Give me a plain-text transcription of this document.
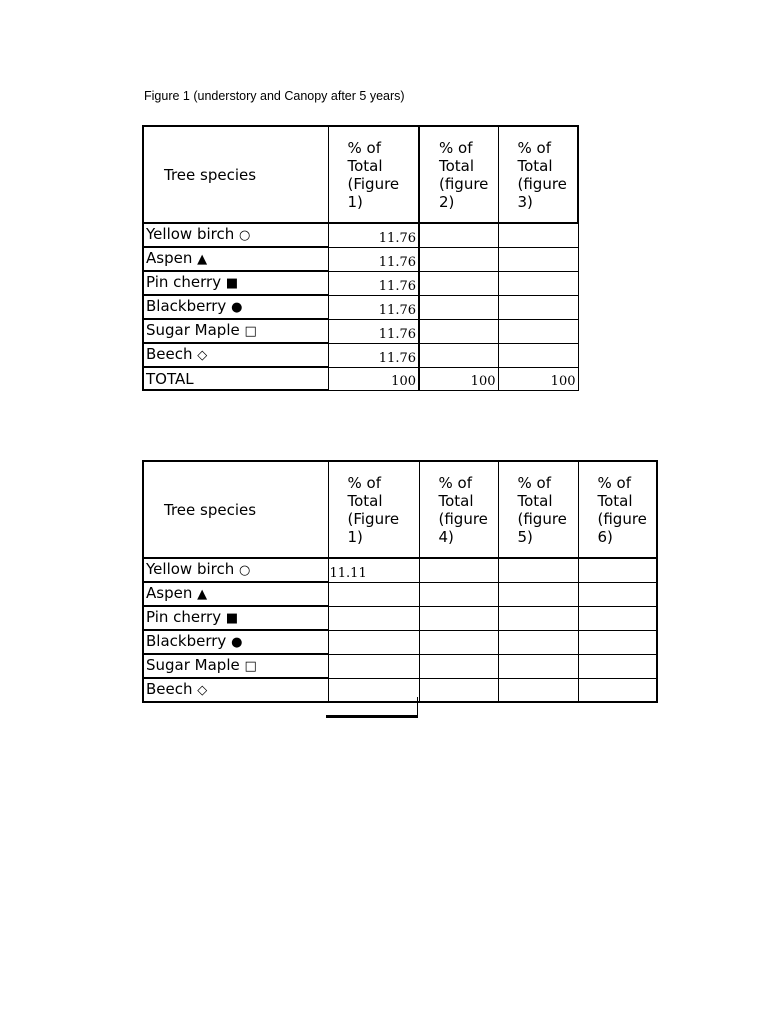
Figure 1 (understory and Canopy after 5 years)
Tree species	% of Total (Figure 1)	% of Total (figure 2)	% of Total (figure 3)
Yellow birch ○	11.76		
Aspen ▲	11.76		
Pin cherry ■	11.76		
Blackberry ●	11.76		
Sugar Maple □	11.76		
Beech ◇	11.76		
TOTAL	100	100	100
Tree species	% of Total (Figure 1)	% of Total (figure 4)	% of Total (figure 5)	% of Total (figure 6)
Yellow birch ○	11.11			
Aspen ▲				
Pin cherry ■				
Blackberry ●				
Sugar Maple □				
Beech ◇				
